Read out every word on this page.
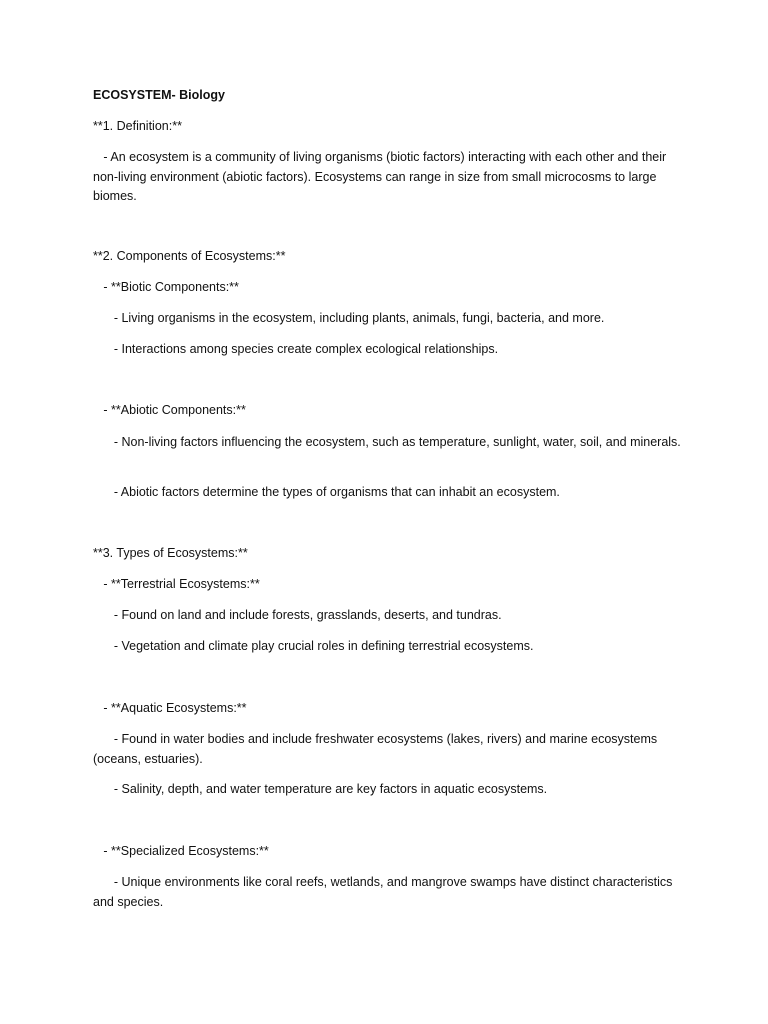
ECOSYSTEM- Biology

**1. Definition:**

- An ecosystem is a community of living organisms (biotic factors) interacting with each other and their non-living environment (abiotic factors). Ecosystems can range in size from small microcosms to large biomes.

**2. Components of Ecosystems:**

- **Biotic Components:**

- Living organisms in the ecosystem, including plants, animals, fungi, bacteria, and more.

- Interactions among species create complex ecological relationships.

- **Abiotic Components:**

- Non-living factors influencing the ecosystem, such as temperature, sunlight, water, soil, and minerals.

- Abiotic factors determine the types of organisms that can inhabit an ecosystem.

**3. Types of Ecosystems:**

- **Terrestrial Ecosystems:**

- Found on land and include forests, grasslands, deserts, and tundras.

- Vegetation and climate play crucial roles in defining terrestrial ecosystems.

- **Aquatic Ecosystems:**

- Found in water bodies and include freshwater ecosystems (lakes, rivers) and marine ecosystems (oceans, estuaries).

- Salinity, depth, and water temperature are key factors in aquatic ecosystems.

- **Specialized Ecosystems:**

- Unique environments like coral reefs, wetlands, and mangrove swamps have distinct characteristics and species.
